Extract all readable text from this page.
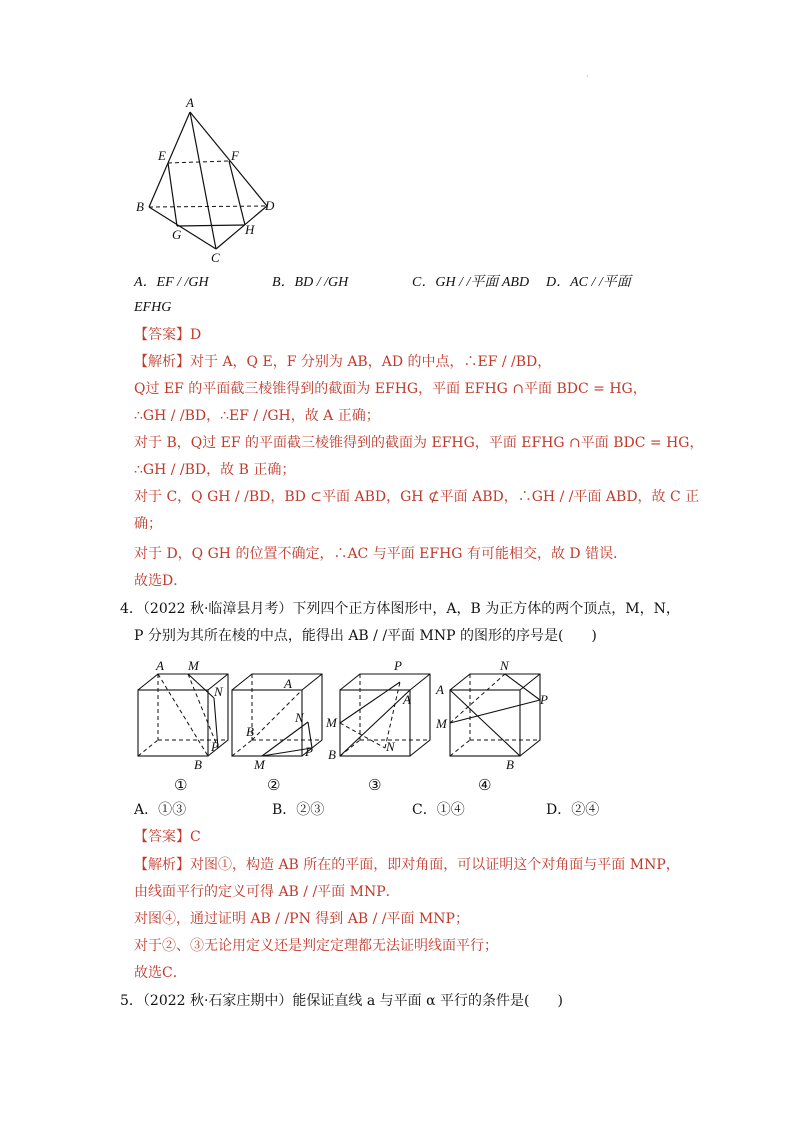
·
A
E	F
B	D
G	H
C
A．EF / /GH	B．BD / /GH	C．GH / /平面 ABD D．AC / /平面
EFHG
【答案】D
【解析】对于 A，Q E，F 分别为 AB，AD 的中点，∴EF / /BD，
Q过 EF 的平面截三棱锥得到的截面为 EFHG，平面 EFHG ∩平面 BDC = HG，
∴GH / /BD，∴EF / /GH，故 A 正确；
对于 B，Q过 EF 的平面截三棱锥得到的截面为 EFHG，平面 EFHG ∩平面 BDC = HG，
∴GH / /BD，故 B 正确；
对于 C，Q GH / /BD，BD ⊂平面 ABD，GH ⊄平面 ABD，∴GH / /平面 ABD，故 C 正
确；
对于 D，Q GH 的位置不确定，∴AC 与平面 EFHG 有可能相交，故 D 错误．
故选D．
4．（2022 秋·临漳县月考）下列四个正方体图形中，A，B 为正方体的两个顶点，M，N，
P 分别为其所在棱的中点，能得出 AB / /平面 MNP 的图形的序号是(　　)
A M
N
P
B
A
N
B
M
P
P
A
M
B
N
N
A
P
M
B
①	②	③	④
A．①③	B．②③	C．①④	D．②④
【答案】C
【解析】对图①，构造 AB 所在的平面，即对角面，可以证明这个对角面与平面 MNP，
由线面平行的定义可得 AB / /平面 MNP．
对图④，通过证明 AB / /PN 得到 AB / /平面 MNP；
对于②、③无论用定义还是判定定理都无法证明线面平行；
故选C．
5．（2022 秋·石家庄期中）能保证直线 a 与平面 α 平行的条件是(　　)
